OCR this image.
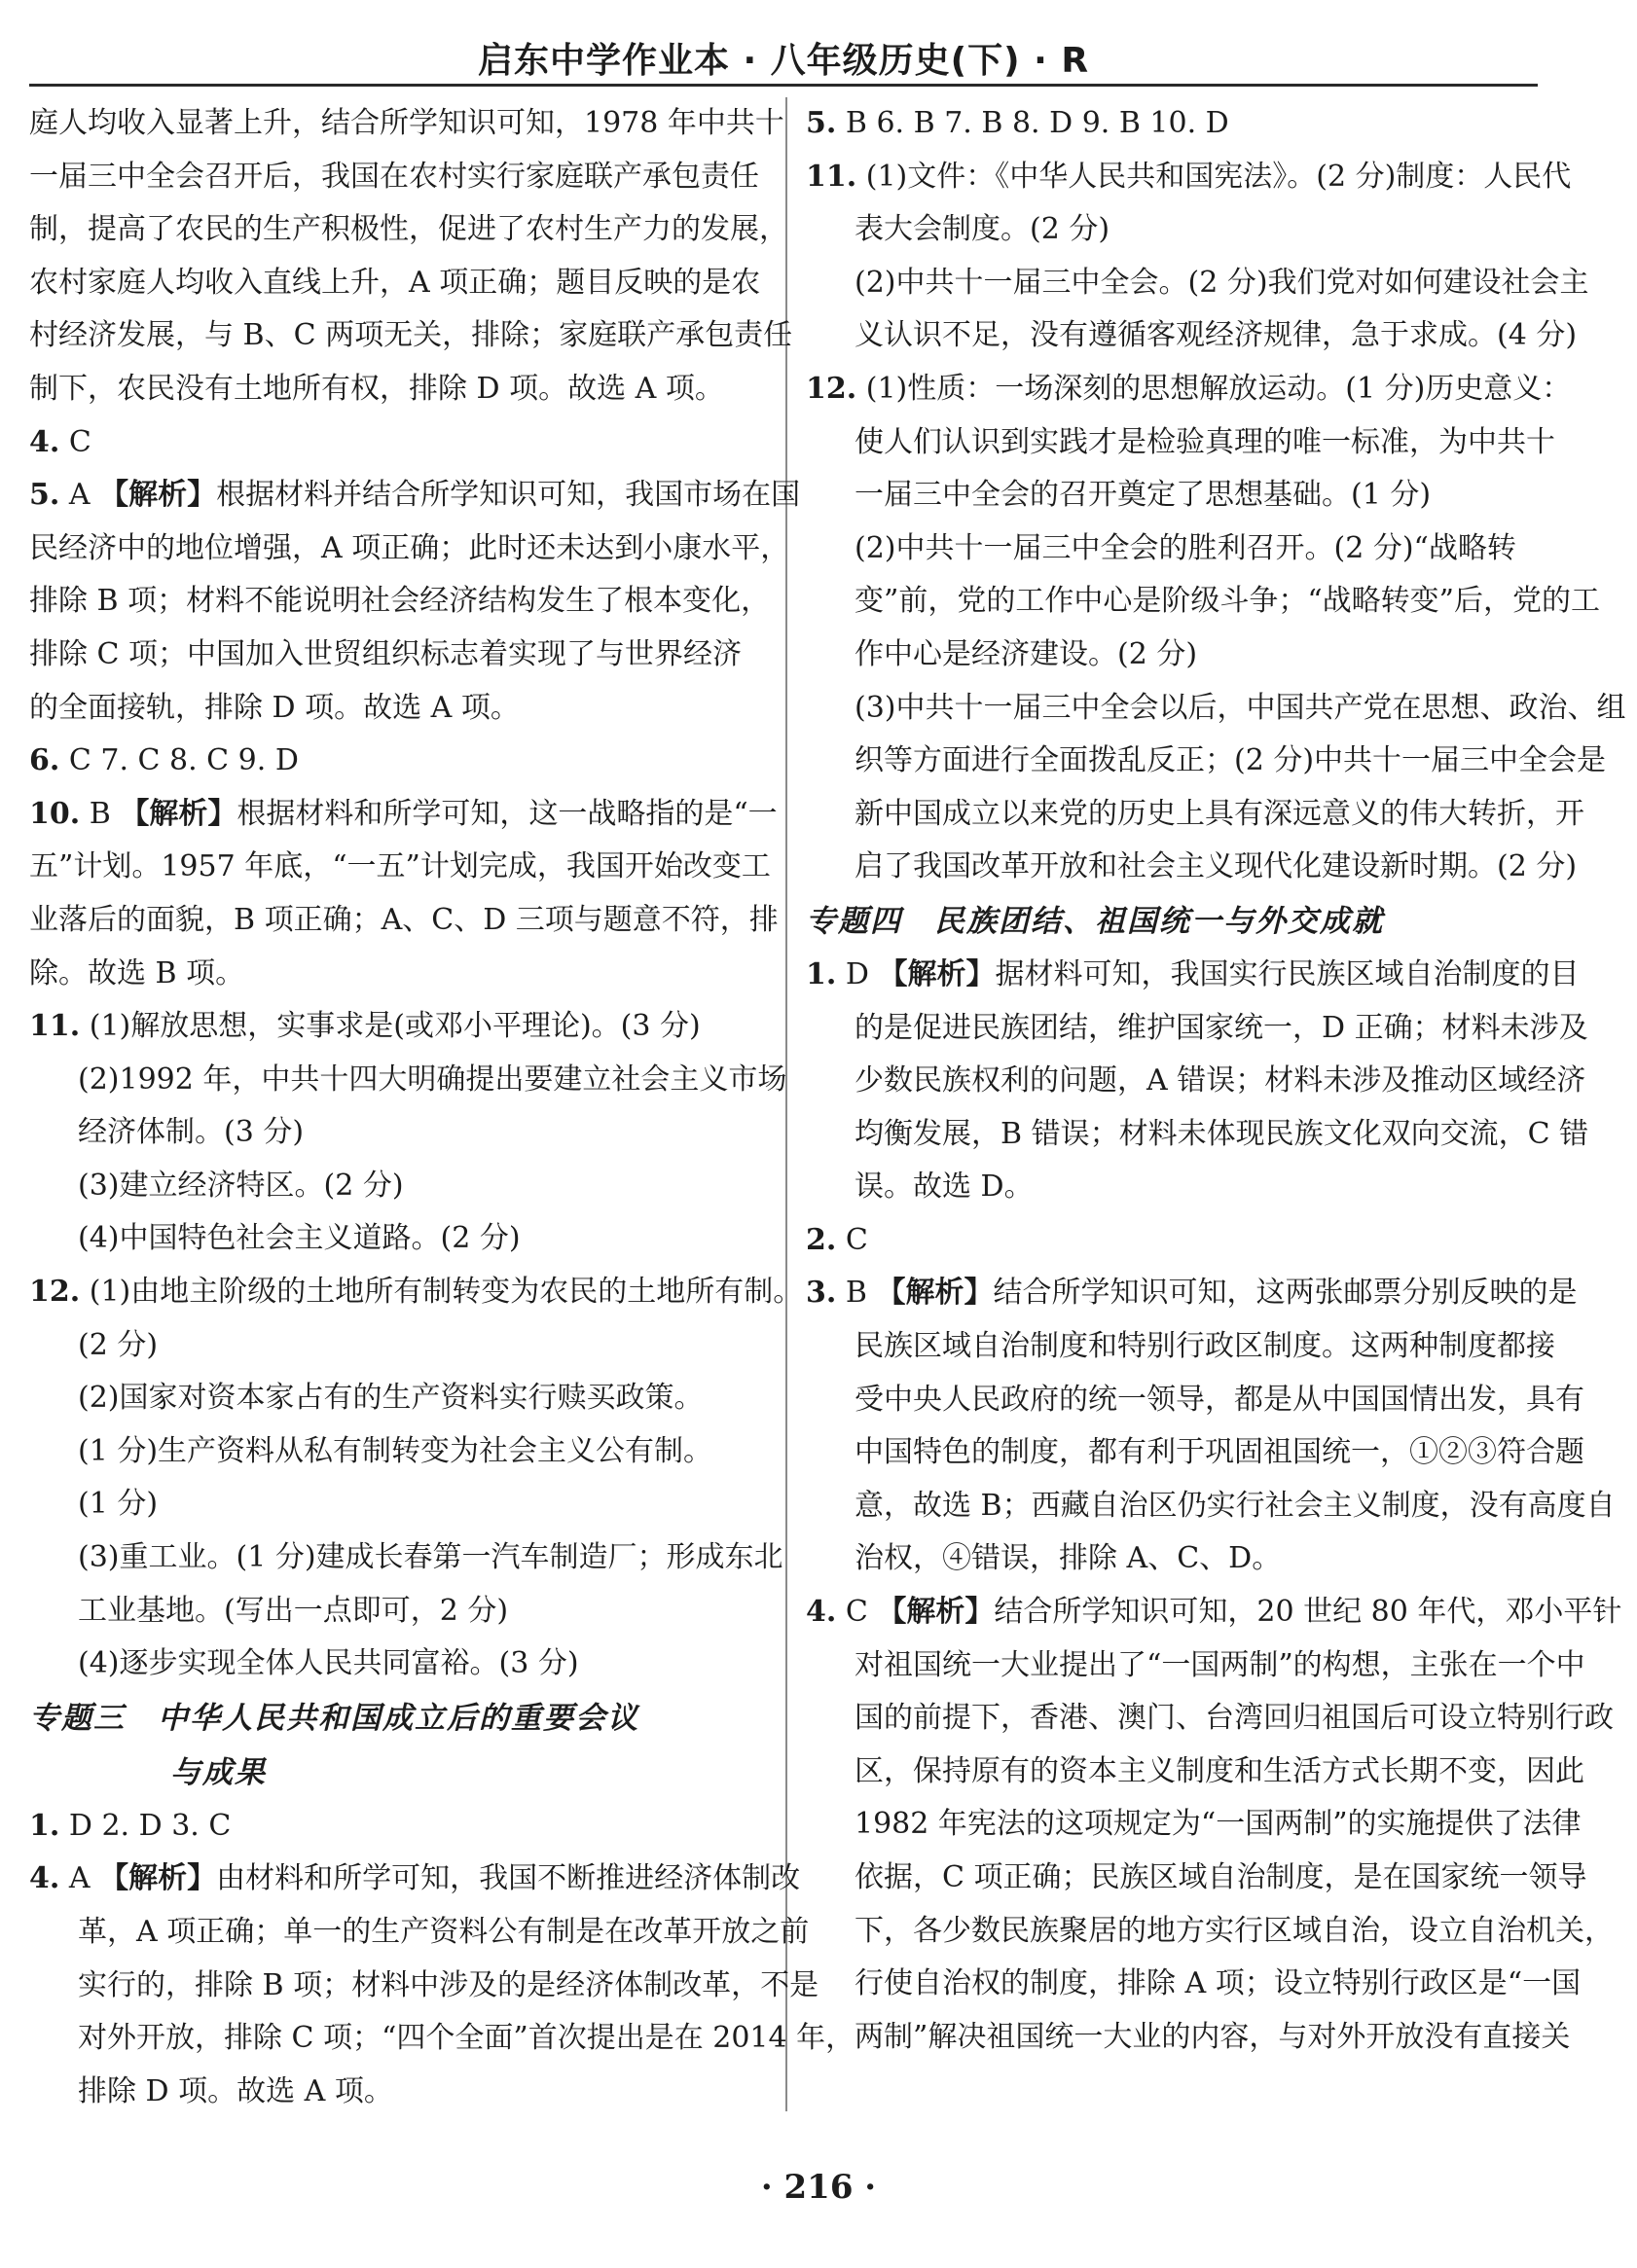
启东中学作业本 · 八年级历史(下) · R
庭人均收入显著上升，结合所学知识可知，1978 年中共十
一届三中全会召开后，我国在农村实行家庭联产承包责任
制，提高了农民的生产积极性，促进了农村生产力的发展，
农村家庭人均收入直线上升，A 项正确；题目反映的是农
村经济发展，与 B、C 两项无关，排除；家庭联产承包责任
制下，农民没有土地所有权，排除 D 项。故选 A 项。
4. C
5. A 【解析】根据材料并结合所学知识可知，我国市场在国
民经济中的地位增强，A 项正确；此时还未达到小康水平，
排除 B 项；材料不能说明社会经济结构发生了根本变化，
排除 C 项；中国加入世贸组织标志着实现了与世界经济
的全面接轨，排除 D 项。故选 A 项。
6. C 7. C 8. C 9. D
10. B 【解析】根据材料和所学可知，这一战略指的是“一
五”计划。1957 年底，“一五”计划完成，我国开始改变工
业落后的面貌，B 项正确；A、C、D 三项与题意不符，排
除。故选 B 项。
11. (1)解放思想，实事求是(或邓小平理论)。(3 分)
(2)1992 年，中共十四大明确提出要建立社会主义市场
经济体制。(3 分)
(3)建立经济特区。(2 分)
(4)中国特色社会主义道路。(2 分)
12. (1)由地主阶级的土地所有制转变为农民的土地所有制。
(2 分)
(2)国家对资本家占有的生产资料实行赎买政策。
(1 分)生产资料从私有制转变为社会主义公有制。
(1 分)
(3)重工业。(1 分)建成长春第一汽车制造厂；形成东北
工业基地。(写出一点即可，2 分)
(4)逐步实现全体人民共同富裕。(3 分)
专题三　中华人民共和国成立后的重要会议
与成果
1. D 2. D 3. C
4. A 【解析】由材料和所学可知，我国不断推进经济体制改
革，A 项正确；单一的生产资料公有制是在改革开放之前
实行的，排除 B 项；材料中涉及的是经济体制改革，不是
对外开放，排除 C 项；“四个全面”首次提出是在 2014 年，
排除 D 项。故选 A 项。
5. B 6. B 7. B 8. D 9. B 10. D
11. (1)文件：《中华人民共和国宪法》。(2 分)制度：人民代
表大会制度。(2 分)
(2)中共十一届三中全会。(2 分)我们党对如何建设社会主
义认识不足，没有遵循客观经济规律，急于求成。(4 分)
12. (1)性质：一场深刻的思想解放运动。(1 分)历史意义：
使人们认识到实践才是检验真理的唯一标准，为中共十
一届三中全会的召开奠定了思想基础。(1 分)
(2)中共十一届三中全会的胜利召开。(2 分)“战略转
变”前，党的工作中心是阶级斗争；“战略转变”后，党的工
作中心是经济建设。(2 分)
(3)中共十一届三中全会以后，中国共产党在思想、政治、组
织等方面进行全面拨乱反正；(2 分)中共十一届三中全会是
新中国成立以来党的历史上具有深远意义的伟大转折，开
启了我国改革开放和社会主义现代化建设新时期。(2 分)
专题四　民族团结、祖国统一与外交成就
1. D 【解析】据材料可知，我国实行民族区域自治制度的目
的是促进民族团结，维护国家统一，D 正确；材料未涉及
少数民族权利的问题，A 错误；材料未涉及推动区域经济
均衡发展，B 错误；材料未体现民族文化双向交流，C 错
误。故选 D。
2. C
3. B 【解析】结合所学知识可知，这两张邮票分别反映的是
民族区域自治制度和特别行政区制度。这两种制度都接
受中央人民政府的统一领导，都是从中国国情出发，具有
中国特色的制度，都有利于巩固祖国统一，①②③符合题
意，故选 B；西藏自治区仍实行社会主义制度，没有高度自
治权，④错误，排除 A、C、D。
4. C 【解析】结合所学知识可知，20 世纪 80 年代，邓小平针
对祖国统一大业提出了“一国两制”的构想，主张在一个中
国的前提下，香港、澳门、台湾回归祖国后可设立特别行政
区，保持原有的资本主义制度和生活方式长期不变，因此
1982 年宪法的这项规定为“一国两制”的实施提供了法律
依据，C 项正确；民族区域自治制度，是在国家统一领导
下，各少数民族聚居的地方实行区域自治，设立自治机关，
行使自治权的制度，排除 A 项；设立特别行政区是“一国
两制”解决祖国统一大业的内容，与对外开放没有直接关
· 216 ·
